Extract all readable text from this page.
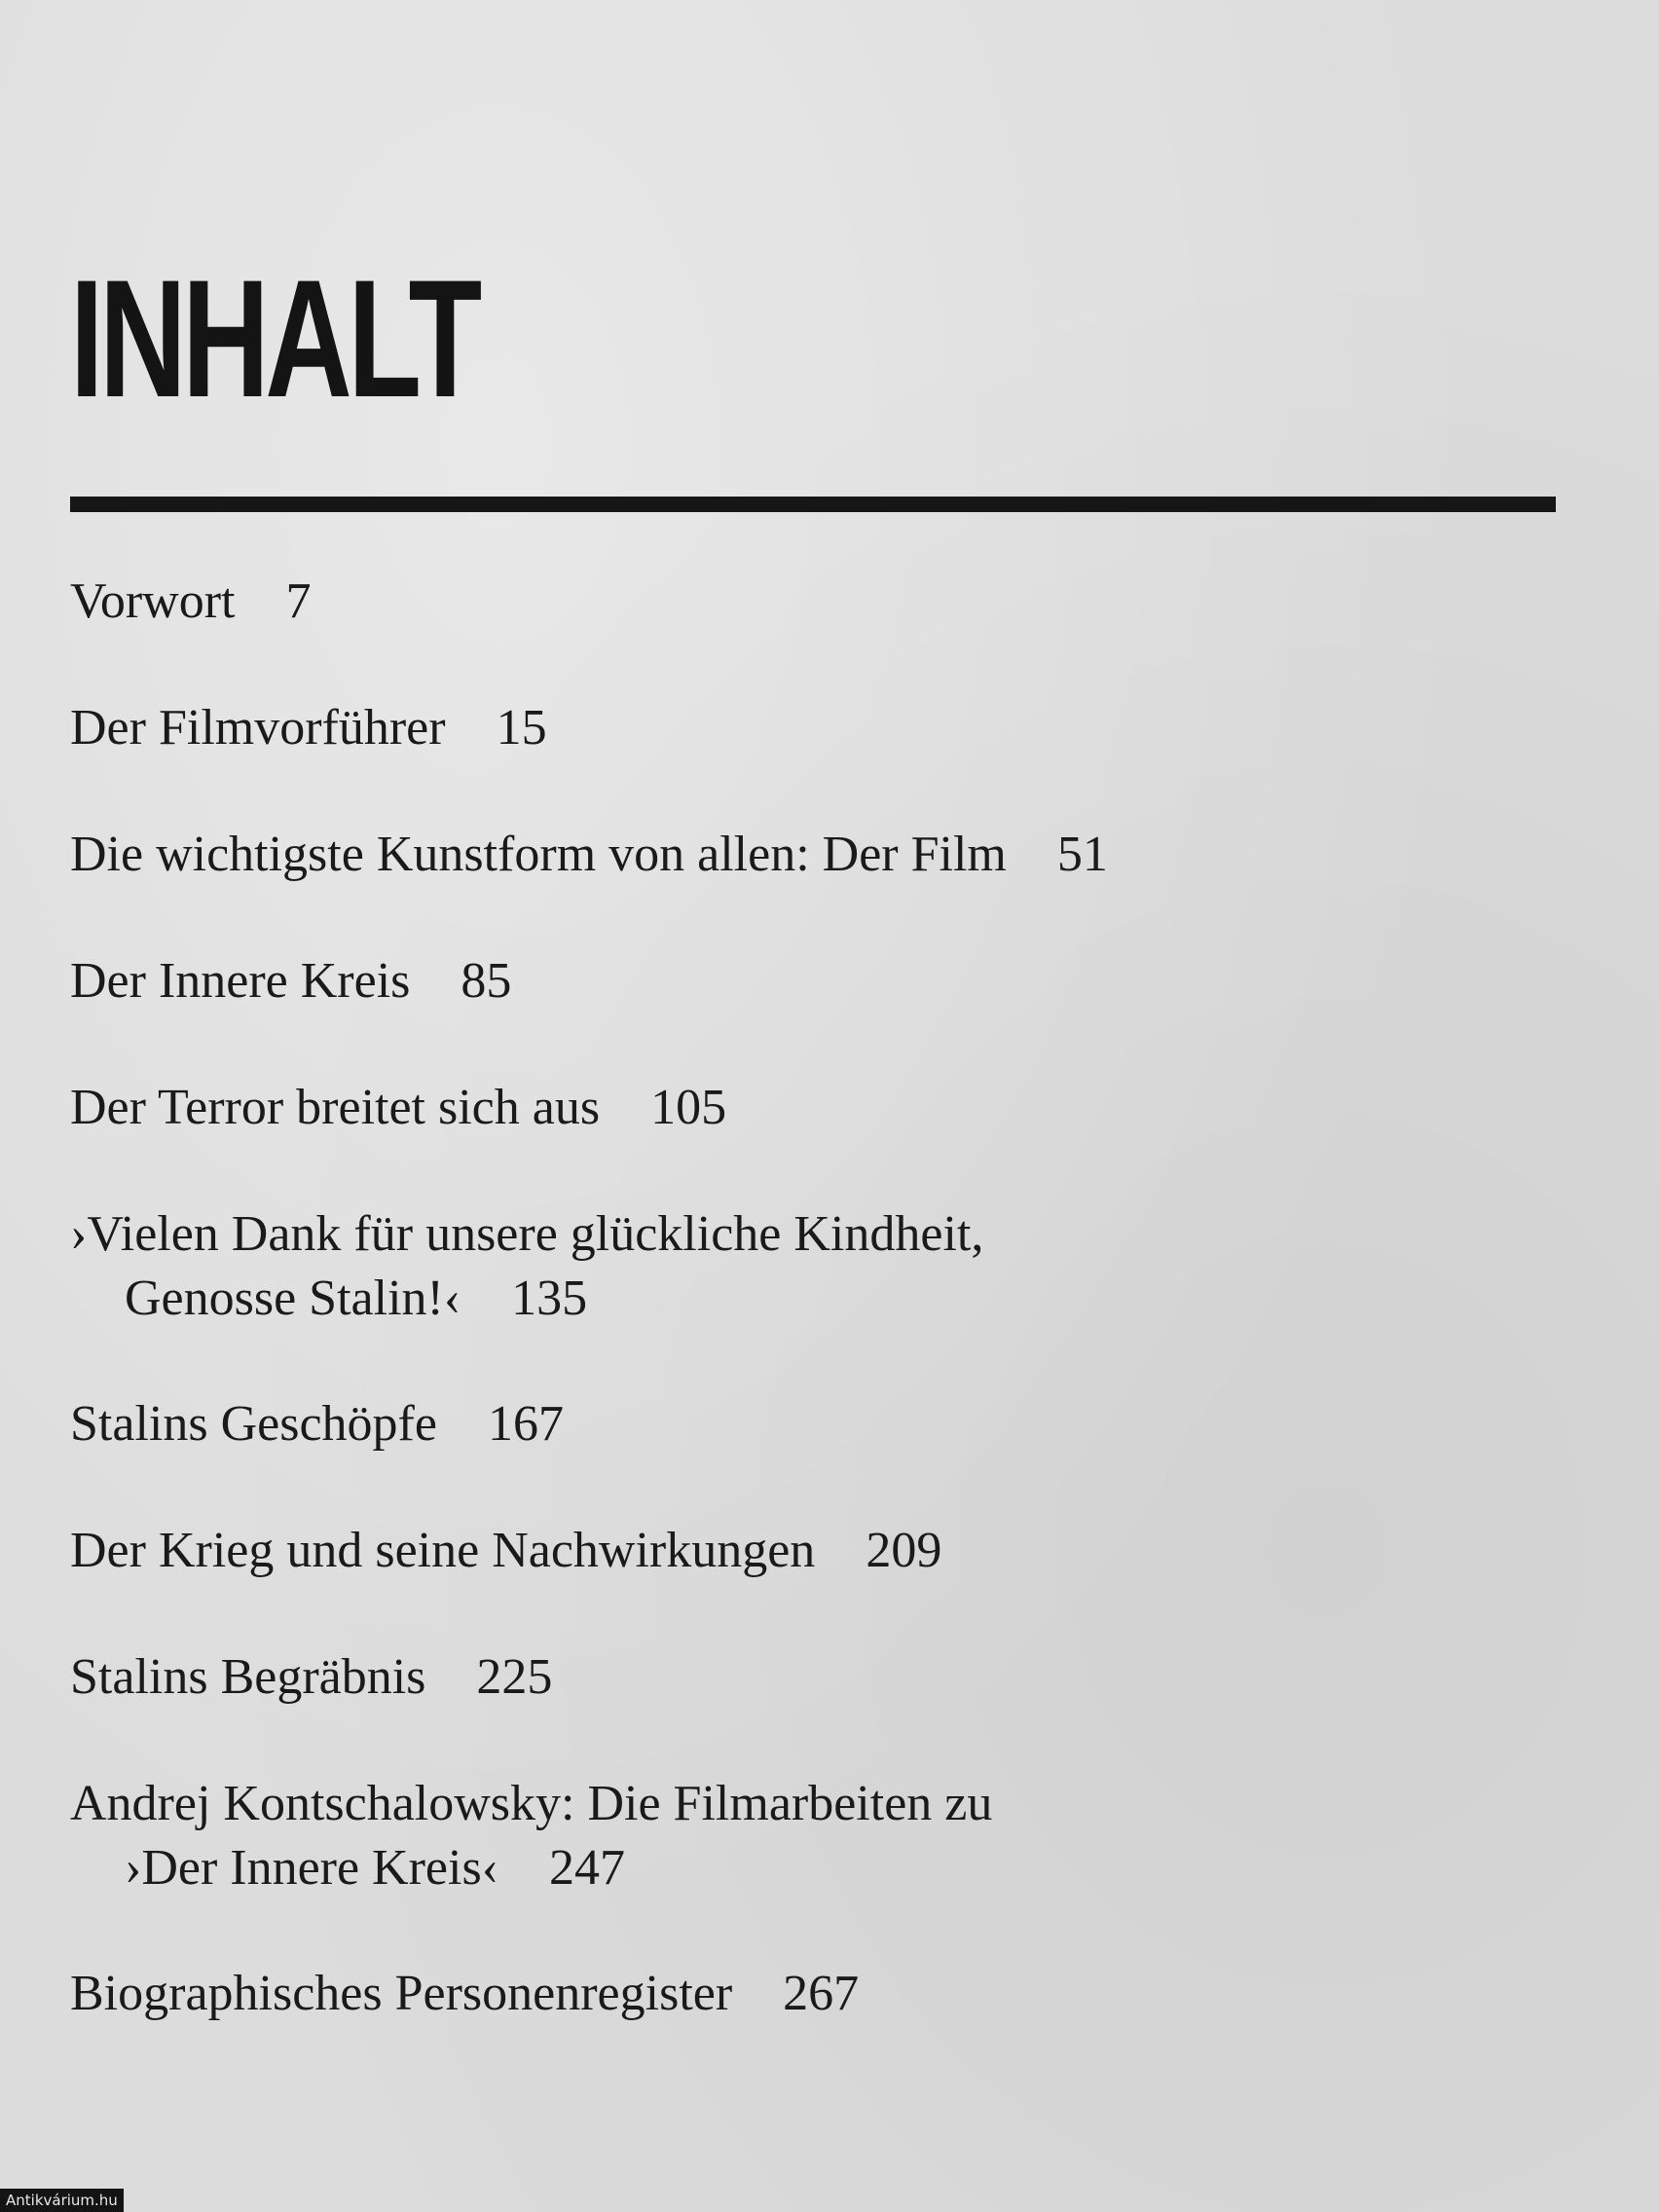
INHALT
Vorwort 7
Der Filmvorführer 15
Die wichtigste Kunstform von allen: Der Film 51
Der Innere Kreis 85
Der Terror breitet sich aus 105
›Vielen Dank für unsere glückliche Kindheit,
Genosse Stalin!‹ 135
Stalins Geschöpfe 167
Der Krieg und seine Nachwirkungen 209
Stalins Begräbnis 225
Andrej Kontschalowsky: Die Filmarbeiten zu
›Der Innere Kreis‹ 247
Biographisches Personenregister 267
Antikvárium.hu
